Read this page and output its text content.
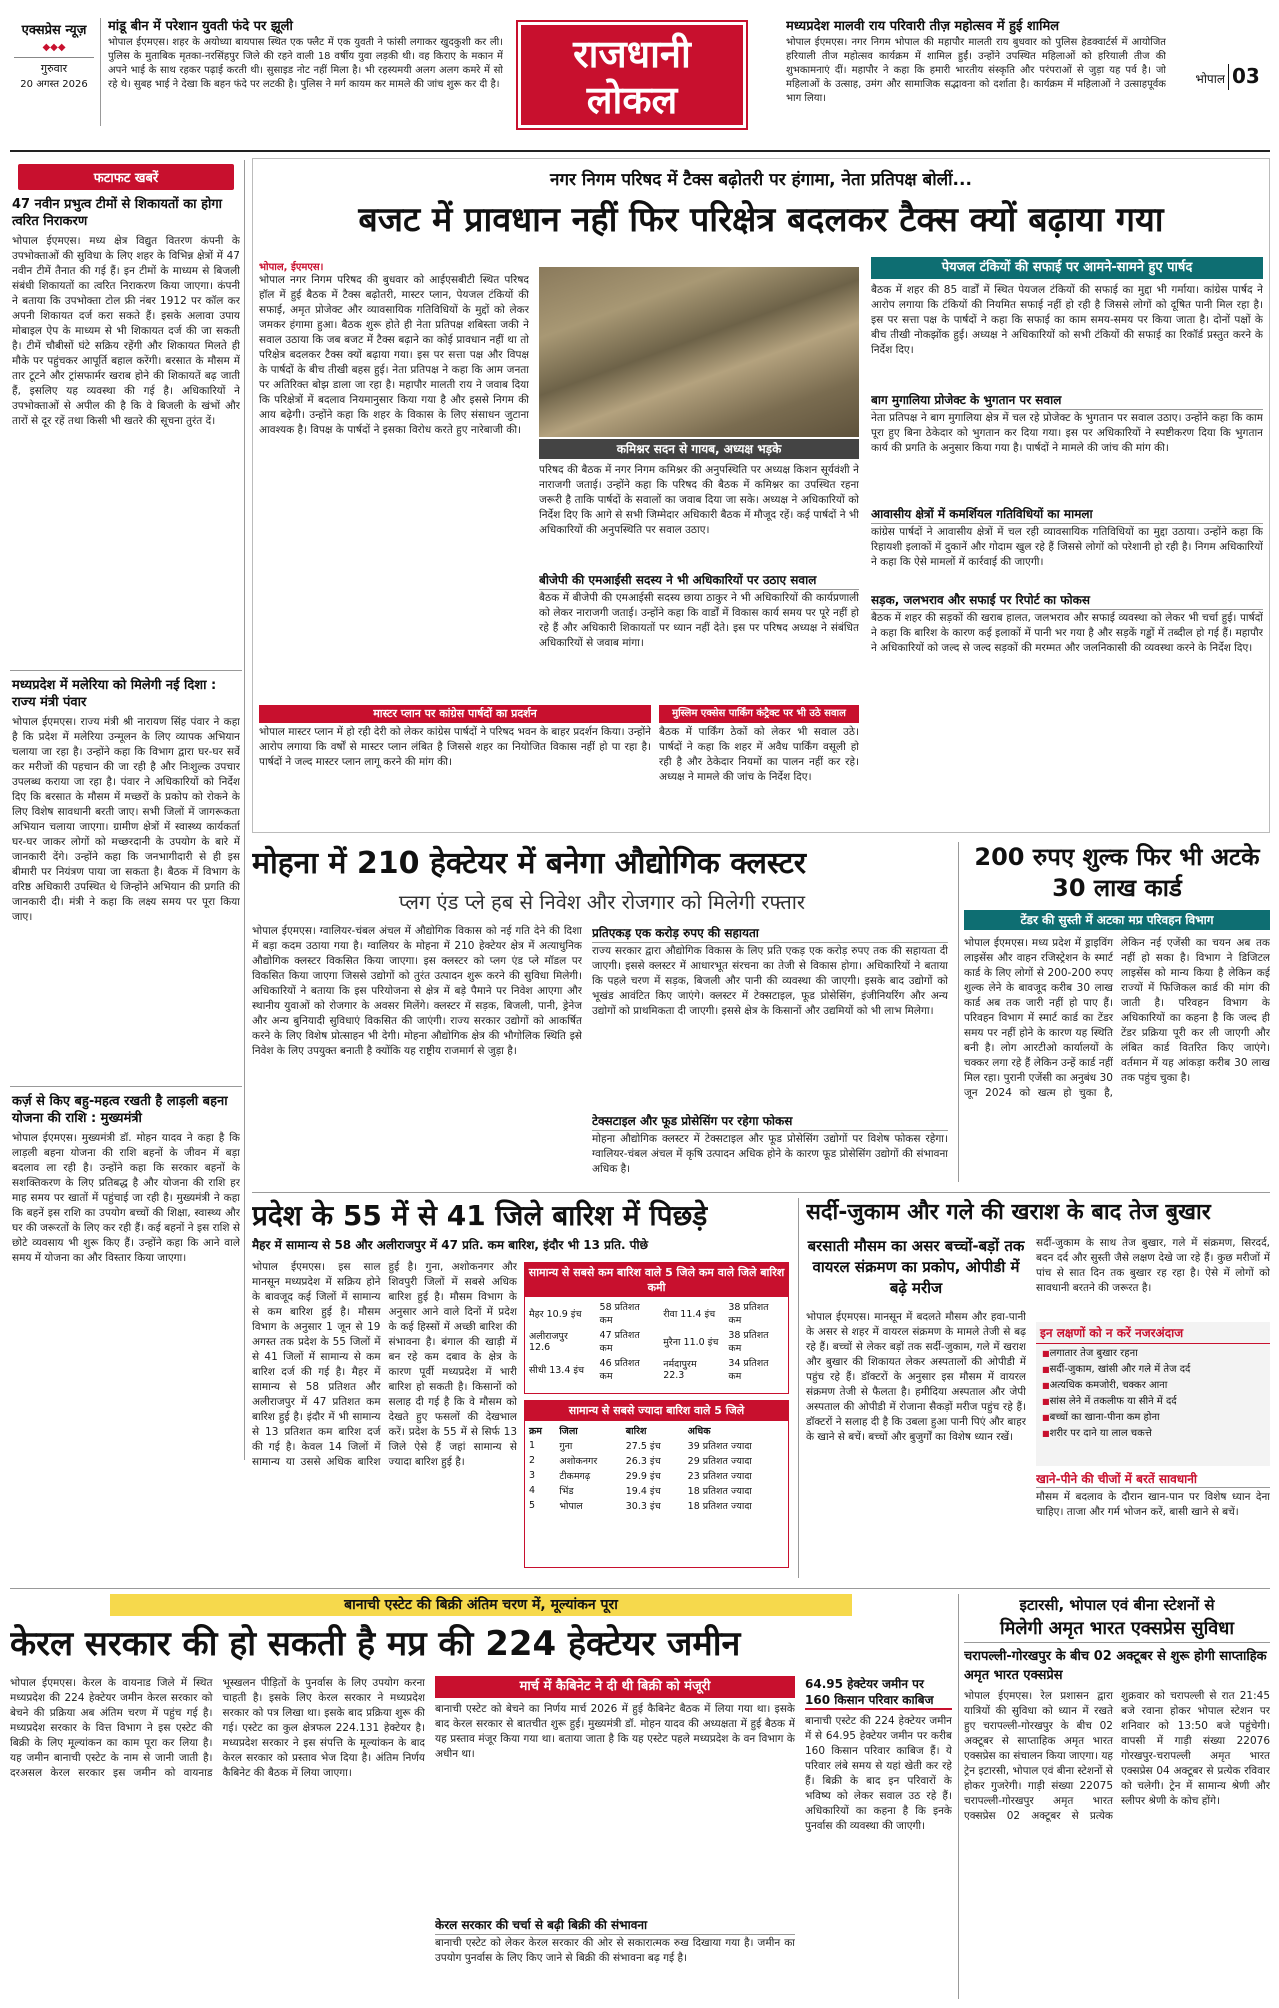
एक्सप्रेस न्यूज़
◆◆◆
गुरुवार
20 अगस्त 2026
मांडू बीन में परेशान युवती फंदे पर झूली
भोपाल ईएमएस। शहर के अयोध्या बायपास स्थित एक फ्लैट में एक युवती ने फांसी लगाकर खुदकुशी कर ली। पुलिस के मुताबिक मृतका-नरसिंहपुर जिले की रहने वाली 18 वर्षीय युवा लड़की थी। वह किराए के मकान में अपने भाई के साथ रहकर पढ़ाई करती थी। सुसाइड नोट नहीं मिला है। भी रहस्यमयी अलग अलग कमरे में सो रहे थे। सुबह भाई ने देखा कि बहन फंदे पर लटकी है। पुलिस ने मर्ग कायम कर मामले की जांच शुरू कर दी है।
राजधानी
लोकल
मध्यप्रदेश मालवी राय परिवारी तीज़ महोत्सव में हुई शामिल
भोपाल ईएमएस। नगर निगम भोपाल की महापौर मालती राय बुधवार को पुलिस हेडक्वार्टर्स में आयोजित हरियाली तीज महोत्सव कार्यक्रम में शामिल हुईं। उन्होंने उपस्थित महिलाओं को हरियाली तीज की शुभकामनाएं दीं। महापौर ने कहा कि हमारी भारतीय संस्कृति और परंपराओं से जुड़ा यह पर्व है। जो महिलाओं के उत्साह, उमंग और सामाजिक सद्भावना को दर्शाता है। कार्यक्रम में महिलाओं ने उत्साहपूर्वक भाग लिया।
भोपाल 03
फटाफट खबरें
47 नवीन प्रभुत्व टीमों से शिकायतों का होगा त्वरित निराकरण
भोपाल ईएमएस। मध्य क्षेत्र विद्युत वितरण कंपनी के उपभोक्ताओं की सुविधा के लिए शहर के विभिन्न क्षेत्रों में 47 नवीन टीमें तैनात की गई हैं। इन टीमों के माध्यम से बिजली संबंधी शिकायतों का त्वरित निराकरण किया जाएगा। कंपनी ने बताया कि उपभोक्ता टोल फ्री नंबर 1912 पर कॉल कर अपनी शिकायत दर्ज करा सकते हैं। इसके अलावा उपाय मोबाइल ऐप के माध्यम से भी शिकायत दर्ज की जा सकती है। टीमें चौबीसों घंटे सक्रिय रहेंगी और शिकायत मिलते ही मौके पर पहुंचकर आपूर्ति बहाल करेंगी। बरसात के मौसम में तार टूटने और ट्रांसफार्मर खराब होने की शिकायतें बढ़ जाती हैं, इसलिए यह व्यवस्था की गई है। अधिकारियों ने उपभोक्ताओं से अपील की है कि वे बिजली के खंभों और तारों से दूर रहें तथा किसी भी खतरे की सूचना तुरंत दें।
मध्यप्रदेश में मलेरिया को मिलेगी नई दिशा : राज्य मंत्री पंवार
भोपाल ईएमएस। राज्य मंत्री श्री नारायण सिंह पंवार ने कहा है कि प्रदेश में मलेरिया उन्मूलन के लिए व्यापक अभियान चलाया जा रहा है। उन्होंने कहा कि विभाग द्वारा घर-घर सर्वे कर मरीजों की पहचान की जा रही है और निःशुल्क उपचार उपलब्ध कराया जा रहा है। पंवार ने अधिकारियों को निर्देश दिए कि बरसात के मौसम में मच्छरों के प्रकोप को रोकने के लिए विशेष सावधानी बरती जाए। सभी जिलों में जागरूकता अभियान चलाया जाएगा। ग्रामीण क्षेत्रों में स्वास्थ्य कार्यकर्ता घर-घर जाकर लोगों को मच्छरदानी के उपयोग के बारे में जानकारी देंगे। उन्होंने कहा कि जनभागीदारी से ही इस बीमारी पर नियंत्रण पाया जा सकता है। बैठक में विभाग के वरिष्ठ अधिकारी उपस्थित थे जिन्होंने अभियान की प्रगति की जानकारी दी। मंत्री ने कहा कि लक्ष्य समय पर पूरा किया जाए।
कर्ज़ से किए बहु-महत्व रखती है लाड़ली बहना योजना की राशि : मुख्यमंत्री
भोपाल ईएमएस। मुख्यमंत्री डॉ. मोहन यादव ने कहा है कि लाड़ली बहना योजना की राशि बहनों के जीवन में बड़ा बदलाव ला रही है। उन्होंने कहा कि सरकार बहनों के सशक्तिकरण के लिए प्रतिबद्ध है और योजना की राशि हर माह समय पर खातों में पहुंचाई जा रही है। मुख्यमंत्री ने कहा कि बहनें इस राशि का उपयोग बच्चों की शिक्षा, स्वास्थ्य और घर की जरूरतों के लिए कर रही हैं। कई बहनों ने इस राशि से छोटे व्यवसाय भी शुरू किए हैं। उन्होंने कहा कि आने वाले समय में योजना का और विस्तार किया जाएगा।
नगर निगम परिषद में टैक्स बढ़ोतरी पर हंगामा, नेता प्रतिपक्ष बोलीं...
बजट में प्रावधान नहीं फिर परिक्षेत्र बदलकर टैक्स क्यों बढ़ाया गया
भोपाल, ईएमएस।
भोपाल नगर निगम परिषद की बुधवार को आईएसबीटी स्थित परिषद हॉल में हुई बैठक में टैक्स बढ़ोतरी, मास्टर प्लान, पेयजल टंकियों की सफाई, अमृत प्रोजेक्ट और व्यावसायिक गतिविधियों के मुद्दों को लेकर जमकर हंगामा हुआ। बैठक शुरू होते ही नेता प्रतिपक्ष शबिस्ता जकी ने सवाल उठाया कि जब बजट में टैक्स बढ़ाने का कोई प्रावधान नहीं था तो परिक्षेत्र बदलकर टैक्स क्यों बढ़ाया गया। इस पर सत्ता पक्ष और विपक्ष के पार्षदों के बीच तीखी बहस हुई। नेता प्रतिपक्ष ने कहा कि आम जनता पर अतिरिक्त बोझ डाला जा रहा है। महापौर मालती राय ने जवाब दिया कि परिक्षेत्रों में बदलाव नियमानुसार किया गया है और इससे निगम की आय बढ़ेगी। उन्होंने कहा कि शहर के विकास के लिए संसाधन जुटाना आवश्यक है। विपक्ष के पार्षदों ने इसका विरोध करते हुए नारेबाजी की।
कमिश्नर सदन से गायब, अध्यक्ष भड़के
परिषद की बैठक में नगर निगम कमिश्नर की अनुपस्थिति पर अध्यक्ष किशन सूर्यवंशी ने नाराजगी जताई। उन्होंने कहा कि परिषद की बैठक में कमिश्नर का उपस्थित रहना जरूरी है ताकि पार्षदों के सवालों का जवाब दिया जा सके। अध्यक्ष ने अधिकारियों को निर्देश दिए कि आगे से सभी जिम्मेदार अधिकारी बैठक में मौजूद रहें। कई पार्षदों ने भी अधिकारियों की अनुपस्थिति पर सवाल उठाए।
बीजेपी की एमआईसी सदस्य ने भी अधिकारियों पर उठाए सवाल
बैठक में बीजेपी की एमआईसी सदस्य छाया ठाकुर ने भी अधिकारियों की कार्यप्रणाली को लेकर नाराजगी जताई। उन्होंने कहा कि वार्डों में विकास कार्य समय पर पूरे नहीं हो रहे हैं और अधिकारी शिकायतों पर ध्यान नहीं देते। इस पर परिषद अध्यक्ष ने संबंधित अधिकारियों से जवाब मांगा।
पेयजल टंकियों की सफाई पर आमने-सामने हुए पार्षद
बैठक में शहर की 85 वार्डों में स्थित पेयजल टंकियों की सफाई का मुद्दा भी गर्माया। कांग्रेस पार्षद ने आरोप लगाया कि टंकियों की नियमित सफाई नहीं हो रही है जिससे लोगों को दूषित पानी मिल रहा है। इस पर सत्ता पक्ष के पार्षदों ने कहा कि सफाई का काम समय-समय पर किया जाता है। दोनों पक्षों के बीच तीखी नोकझोंक हुई। अध्यक्ष ने अधिकारियों को सभी टंकियों की सफाई का रिकॉर्ड प्रस्तुत करने के निर्देश दिए।
बाग मुगालिया प्रोजेक्ट के भुगतान पर सवाल
नेता प्रतिपक्ष ने बाग मुगालिया क्षेत्र में चल रहे प्रोजेक्ट के भुगतान पर सवाल उठाए। उन्होंने कहा कि काम पूरा हुए बिना ठेकेदार को भुगतान कर दिया गया। इस पर अधिकारियों ने स्पष्टीकरण दिया कि भुगतान कार्य की प्रगति के अनुसार किया गया है। पार्षदों ने मामले की जांच की मांग की।
आवासीय क्षेत्रों में कमर्शियल गतिविधियों का मामला
कांग्रेस पार्षदों ने आवासीय क्षेत्रों में चल रही व्यावसायिक गतिविधियों का मुद्दा उठाया। उन्होंने कहा कि रिहायशी इलाकों में दुकानें और गोदाम खुल रहे हैं जिससे लोगों को परेशानी हो रही है। निगम अधिकारियों ने कहा कि ऐसे मामलों में कार्रवाई की जाएगी।
सड़क, जलभराव और सफाई पर रिपोर्ट का फोकस
बैठक में शहर की सड़कों की खराब हालत, जलभराव और सफाई व्यवस्था को लेकर भी चर्चा हुई। पार्षदों ने कहा कि बारिश के कारण कई इलाकों में पानी भर गया है और सड़कें गड्ढों में तब्दील हो गई हैं। महापौर ने अधिकारियों को जल्द से जल्द सड़कों की मरम्मत और जलनिकासी की व्यवस्था करने के निर्देश दिए।
मास्टर प्लान पर कांग्रेस पार्षदों का प्रदर्शन
भोपाल मास्टर प्लान में हो रही देरी को लेकर कांग्रेस पार्षदों ने परिषद भवन के बाहर प्रदर्शन किया। उन्होंने आरोप लगाया कि वर्षों से मास्टर प्लान लंबित है जिससे शहर का नियोजित विकास नहीं हो पा रहा है। पार्षदों ने जल्द मास्टर प्लान लागू करने की मांग की।
मुस्लिम एक्सेस पार्किंग कंट्रैक्ट पर भी उठे सवाल
बैठक में पार्किंग ठेकों को लेकर भी सवाल उठे। पार्षदों ने कहा कि शहर में अवैध पार्किंग वसूली हो रही है और ठेकेदार नियमों का पालन नहीं कर रहे। अध्यक्ष ने मामले की जांच के निर्देश दिए।
मोहना में 210 हेक्टेयर में बनेगा औद्योगिक क्लस्टर
प्लग एंड प्ले हब से निवेश और रोजगार को मिलेगी रफ्तार
भोपाल ईएमएस। ग्वालियर-चंबल अंचल में औद्योगिक विकास को नई गति देने की दिशा में बड़ा कदम उठाया गया है। ग्वालियर के मोहना में 210 हेक्टेयर क्षेत्र में अत्याधुनिक औद्योगिक क्लस्टर विकसित किया जाएगा। इस क्लस्टर को प्लग एंड प्ले मॉडल पर विकसित किया जाएगा जिससे उद्योगों को तुरंत उत्पादन शुरू करने की सुविधा मिलेगी। अधिकारियों ने बताया कि इस परियोजना से क्षेत्र में बड़े पैमाने पर निवेश आएगा और स्थानीय युवाओं को रोजगार के अवसर मिलेंगे। क्लस्टर में सड़क, बिजली, पानी, ड्रेनेज और अन्य बुनियादी सुविधाएं विकसित की जाएंगी। राज्य सरकार उद्योगों को आकर्षित करने के लिए विशेष प्रोत्साहन भी देगी। मोहना औद्योगिक क्षेत्र की भौगोलिक स्थिति इसे निवेश के लिए उपयुक्त बनाती है क्योंकि यह राष्ट्रीय राजमार्ग से जुड़ा है।
प्रतिएकड़ एक करोड़ रुपए की सहायता
राज्य सरकार द्वारा औद्योगिक विकास के लिए प्रति एकड़ एक करोड़ रुपए तक की सहायता दी जाएगी। इससे क्लस्टर में आधारभूत संरचना का तेजी से विकास होगा। अधिकारियों ने बताया कि पहले चरण में सड़क, बिजली और पानी की व्यवस्था की जाएगी। इसके बाद उद्योगों को भूखंड आवंटित किए जाएंगे। क्लस्टर में टेक्सटाइल, फूड प्रोसेसिंग, इंजीनियरिंग और अन्य उद्योगों को प्राथमिकता दी जाएगी। इससे क्षेत्र के किसानों और उद्यमियों को भी लाभ मिलेगा।
टेक्सटाइल और फूड प्रोसेसिंग पर रहेगा फोकस
मोहना औद्योगिक क्लस्टर में टेक्सटाइल और फूड प्रोसेसिंग उद्योगों पर विशेष फोकस रहेगा। ग्वालियर-चंबल अंचल में कृषि उत्पादन अधिक होने के कारण फूड प्रोसेसिंग उद्योगों की संभावना अधिक है।
200 रुपए शुल्क फिर भी अटके 30 लाख कार्ड
टेंडर की सुस्ती में अटका मप्र परिवहन विभाग
भोपाल ईएमएस। मध्य प्रदेश में ड्राइविंग लाइसेंस और वाहन रजिस्ट्रेशन के स्मार्ट कार्ड के लिए लोगों से 200-200 रुपए शुल्क लेने के बावजूद करीब 30 लाख कार्ड अब तक जारी नहीं हो पाए हैं। परिवहन विभाग में स्मार्ट कार्ड का टेंडर समय पर नहीं होने के कारण यह स्थिति बनी है। लोग आरटीओ कार्यालयों के चक्कर लगा रहे हैं लेकिन उन्हें कार्ड नहीं मिल रहा। पुरानी एजेंसी का अनुबंध 30 जून 2024 को खत्म हो चुका है, लेकिन नई एजेंसी का चयन अब तक नहीं हो सका है। विभाग ने डिजिटल लाइसेंस को मान्य किया है लेकिन कई राज्यों में फिजिकल कार्ड की मांग की जाती है। परिवहन विभाग के अधिकारियों का कहना है कि जल्द ही टेंडर प्रक्रिया पूरी कर ली जाएगी और लंबित कार्ड वितरित किए जाएंगे। वर्तमान में यह आंकड़ा करीब 30 लाख तक पहुंच चुका है।
प्रदेश के 55 में से 41 जिले बारिश में पिछड़े
मैहर में सामान्य से 58 और अलीराजपुर में 47 प्रति. कम बारिश, इंदौर भी 13 प्रति. पीछे
भोपाल ईएमएस। इस साल मानसून मध्यप्रदेश में सक्रिय होने के बावजूद कई जिलों में सामान्य से कम बारिश हुई है। मौसम विभाग के अनुसार 1 जून से 19 अगस्त तक प्रदेश के 55 जिलों में से 41 जिलों में सामान्य से कम बारिश दर्ज की गई है। मैहर में सामान्य से 58 प्रतिशत और अलीराजपुर में 47 प्रतिशत कम बारिश हुई है। इंदौर में भी सामान्य से 13 प्रतिशत कम बारिश दर्ज की गई है। केवल 14 जिलों में सामान्य या उससे अधिक बारिश हुई है। गुना, अशोकनगर और शिवपुरी जिलों में सबसे अधिक बारिश हुई है। मौसम विभाग के अनुसार आने वाले दिनों में प्रदेश के कई हिस्सों में अच्छी बारिश की संभावना है। बंगाल की खाड़ी में बन रहे कम दबाव के क्षेत्र के कारण पूर्वी मध्यप्रदेश में भारी बारिश हो सकती है। किसानों को सलाह दी गई है कि वे मौसम को देखते हुए फसलों की देखभाल करें। प्रदेश के 55 में से सिर्फ 13 जिले ऐसे हैं जहां सामान्य से ज्यादा बारिश हुई है।
सामान्य से सबसे कम बारिश वाले 5 जिले कम वाले जिले बारिश कमी
मैहर 10.9 इंच	58 प्रतिशत कम	रीवा 11.4 इंच	38 प्रतिशत कम
अलीराजपुर 12.6	47 प्रतिशत कम	मुरैना 11.0 इंच	38 प्रतिशत कम
सीधी 13.4 इंच	46 प्रतिशत कम	नर्मदापुरम 22.3	34 प्रतिशत कम
सामान्य से सबसे ज्यादा बारिश वाले 5 जिले
क्रम	जिला	बारिश	अधिक
1	गुना	27.5 इंच	39 प्रतिशत ज्यादा
2	अशोकनगर	26.3 इंच	29 प्रतिशत ज्यादा
3	टीकमगढ़	29.9 इंच	23 प्रतिशत ज्यादा
4	भिंड	19.4 इंच	18 प्रतिशत ज्यादा
5	भोपाल	30.3 इंच	18 प्रतिशत ज्यादा
सर्दी-जुकाम और गले की खराश के बाद तेज बुखार
बरसाती मौसम का असर बच्चों-बड़ों तक वायरल संक्रमण का प्रकोप, ओपीडी में बढ़े मरीज
भोपाल ईएमएस। मानसून में बदलते मौसम और हवा-पानी के असर से शहर में वायरल संक्रमण के मामले तेजी से बढ़ रहे हैं। बच्चों से लेकर बड़ों तक सर्दी-जुकाम, गले में खराश और बुखार की शिकायत लेकर अस्पतालों की ओपीडी में पहुंच रहे हैं। डॉक्टरों के अनुसार इस मौसम में वायरल संक्रमण तेजी से फैलता है। हमीदिया अस्पताल और जेपी अस्पताल की ओपीडी में रोजाना सैकड़ों मरीज पहुंच रहे हैं। डॉक्टरों ने सलाह दी है कि उबला हुआ पानी पिएं और बाहर के खाने से बचें। बच्चों और बुजुर्गों का विशेष ध्यान रखें।
सर्दी-जुकाम के साथ तेज बुखार, गले में संक्रमण, सिरदर्द, बदन दर्द और सुस्ती जैसे लक्षण देखे जा रहे हैं। कुछ मरीजों में पांच से सात दिन तक बुखार रह रहा है। ऐसे में लोगों को सावधानी बरतने की जरूरत है।
इन लक्षणों को न करें नजरअंदाज
■ लगातार तेज बुखार रहना
■ सर्दी-जुकाम, खांसी और गले में तेज दर्द
■ अत्यधिक कमजोरी, चक्कर आना
■ सांस लेने में तकलीफ या सीने में दर्द
■ बच्चों का खाना-पीना कम होना
■ शरीर पर दाने या लाल चकत्ते
खाने-पीने की चीजों में बरतें सावधानी
मौसम में बदलाव के दौरान खान-पान पर विशेष ध्यान देना चाहिए। ताजा और गर्म भोजन करें, बासी खाने से बचें।
बानाची एस्टेट की बिक्री अंतिम चरण में, मूल्यांकन पूरा
केरल सरकार की हो सकती है मप्र की 224 हेक्टेयर जमीन
भोपाल ईएमएस। केरल के वायनाड जिले में स्थित मध्यप्रदेश की 224 हेक्टेयर जमीन केरल सरकार को बेचने की प्रक्रिया अब अंतिम चरण में पहुंच गई है। मध्यप्रदेश सरकार के वित्त विभाग ने इस एस्टेट की बिक्री के लिए मूल्यांकन का काम पूरा कर लिया है। यह जमीन बानाची एस्टेट के नाम से जानी जाती है। दरअसल केरल सरकार इस जमीन को वायनाड भूस्खलन पीड़ितों के पुनर्वास के लिए उपयोग करना चाहती है। इसके लिए केरल सरकार ने मध्यप्रदेश सरकार को पत्र लिखा था। इसके बाद प्रक्रिया शुरू की गई। एस्टेट का कुल क्षेत्रफल 224.131 हेक्टेयर है। मध्यप्रदेश सरकार ने इस संपत्ति के मूल्यांकन के बाद केरल सरकार को प्रस्ताव भेज दिया है। अंतिम निर्णय कैबिनेट की बैठक में लिया जाएगा।
मार्च में कैबिनेट ने दी थी बिक्री को मंजूरी
बानाची एस्टेट को बेचने का निर्णय मार्च 2026 में हुई कैबिनेट बैठक में लिया गया था। इसके बाद केरल सरकार से बातचीत शुरू हुई। मुख्यमंत्री डॉ. मोहन यादव की अध्यक्षता में हुई बैठक में यह प्रस्ताव मंजूर किया गया था। बताया जाता है कि यह एस्टेट पहले मध्यप्रदेश के वन विभाग के अधीन था।
केरल सरकार की चर्चा से बढ़ी बिक्री की संभावना
बानाची एस्टेट को लेकर केरल सरकार की ओर से सकारात्मक रुख दिखाया गया है। जमीन का उपयोग पुनर्वास के लिए किए जाने से बिक्री की संभावना बढ़ गई है।
64.95 हेक्टेयर जमीन पर 160 किसान परिवार काबिज
बानाची एस्टेट की 224 हेक्टेयर जमीन में से 64.95 हेक्टेयर जमीन पर करीब 160 किसान परिवार काबिज हैं। ये परिवार लंबे समय से यहां खेती कर रहे हैं। बिक्री के बाद इन परिवारों के भविष्य को लेकर सवाल उठ रहे हैं। अधिकारियों का कहना है कि इनके पुनर्वास की व्यवस्था की जाएगी।
इटारसी, भोपाल एवं बीना स्टेशनों से
मिलेगी अमृत भारत एक्सप्रेस सुविधा
चरापल्ली-गोरखपुर के बीच 02 अक्टूबर से शुरू होगी साप्ताहिक अमृत भारत एक्सप्रेस
भोपाल ईएमएस। रेल प्रशासन द्वारा यात्रियों की सुविधा को ध्यान में रखते हुए चरापल्ली-गोरखपुर के बीच 02 अक्टूबर से साप्ताहिक अमृत भारत एक्सप्रेस का संचालन किया जाएगा। यह ट्रेन इटारसी, भोपाल एवं बीना स्टेशनों से होकर गुजरेगी। गाड़ी संख्या 22075 चरापल्ली-गोरखपुर अमृत भारत एक्सप्रेस 02 अक्टूबर से प्रत्येक शुक्रवार को चरापल्ली से रात 21:45 बजे रवाना होकर भोपाल स्टेशन पर शनिवार को 13:50 बजे पहुंचेगी। वापसी में गाड़ी संख्या 22076 गोरखपुर-चरापल्ली अमृत भारत एक्सप्रेस 04 अक्टूबर से प्रत्येक रविवार को चलेगी। ट्रेन में सामान्य श्रेणी और स्लीपर श्रेणी के कोच होंगे।
